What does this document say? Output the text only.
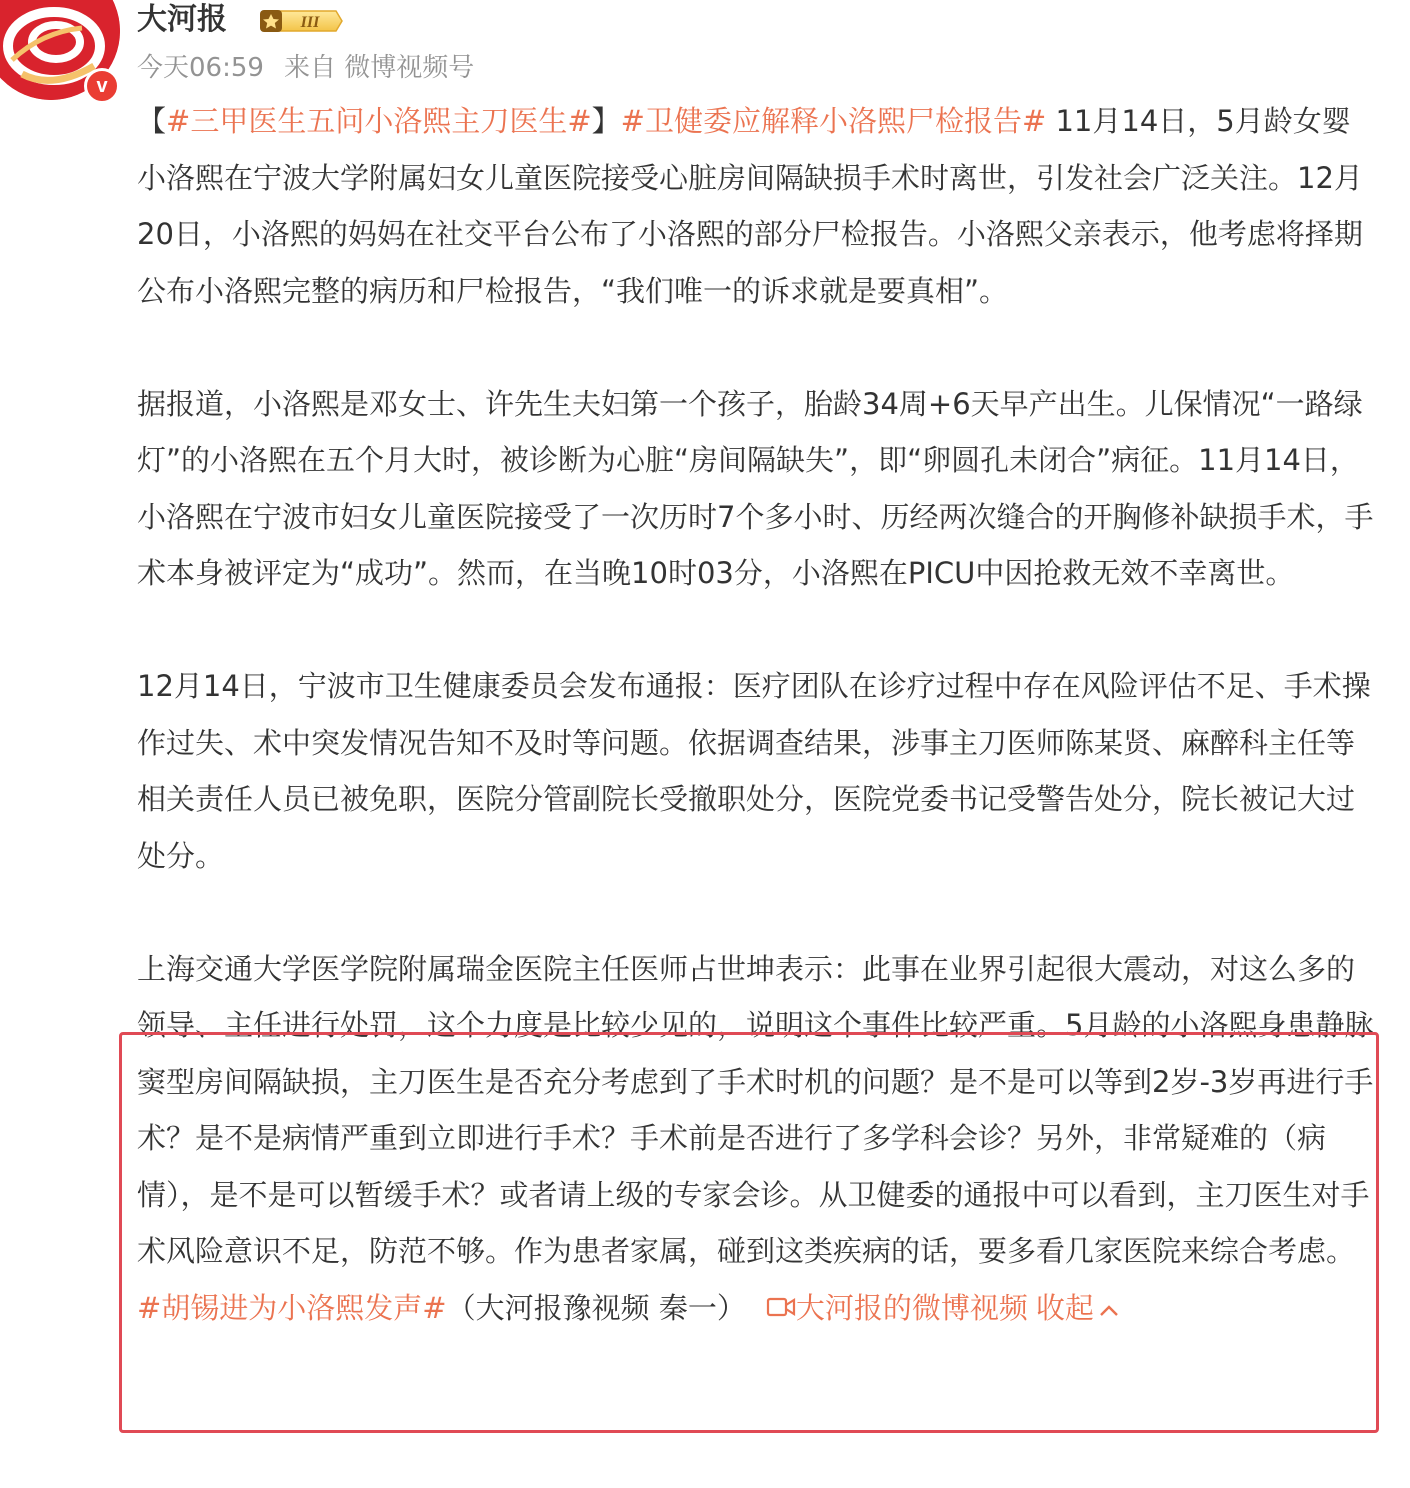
v
大河报	III
今天06:59 来自 微博视频号

【#三甲医生五问小洛熙主刀医生#】#卫健委应解释小洛熙尸检报告# 11月14日，5月龄女婴小洛熙在宁波大学附属妇女儿童医院接受心脏房间隔缺损手术时离世，引发社会广泛关注。12月20日，小洛熙的妈妈在社交平台公布了小洛熙的部分尸检报告。小洛熙父亲表示，他考虑将择期公布小洛熙完整的病历和尸检报告，“我们唯一的诉求就是要真相”。

据报道，小洛熙是邓女士、许先生夫妇第一个孩子，胎龄34周+6天早产出生。儿保情况“一路绿灯”的小洛熙在五个月大时，被诊断为心脏“房间隔缺失”，即“卵圆孔未闭合”病征。11月14日，小洛熙在宁波市妇女儿童医院接受了一次历时7个多小时、历经两次缝合的开胸修补缺损手术，手术本身被评定为“成功”。然而，在当晚10时03分，小洛熙在PICU中因抢救无效不幸离世。

12月14日，宁波市卫生健康委员会发布通报：医疗团队在诊疗过程中存在风险评估不足、手术操作过失、术中突发情况告知不及时等问题。依据调查结果，涉事主刀医师陈某贤、麻醉科主任等相关责任人员已被免职，医院分管副院长受撤职处分，医院党委书记受警告处分，院长被记大过处分。

上海交通大学医学院附属瑞金医院主任医师占世坤表示：此事在业界引起很大震动，对这么多的领导、主任进行处罚，这个力度是比较少见的，说明这个事件比较严重。5月龄的小洛熙身患静脉窦型房间隔缺损，主刀医生是否充分考虑到了手术时机的问题？是不是可以等到2岁-3岁再进行手术？是不是病情严重到立即进行手术？手术前是否进行了多学科会诊？另外，非常疑难的（病情），是不是可以暂缓手术？或者请上级的专家会诊。从卫健委的通报中可以看到，主刀医生对手术风险意识不足，防范不够。作为患者家属，碰到这类疾病的话，要多看几家医院来综合考虑。#胡锡进为小洛熙发声#（大河报豫视频 秦一） 大河报的微博视频 收起
